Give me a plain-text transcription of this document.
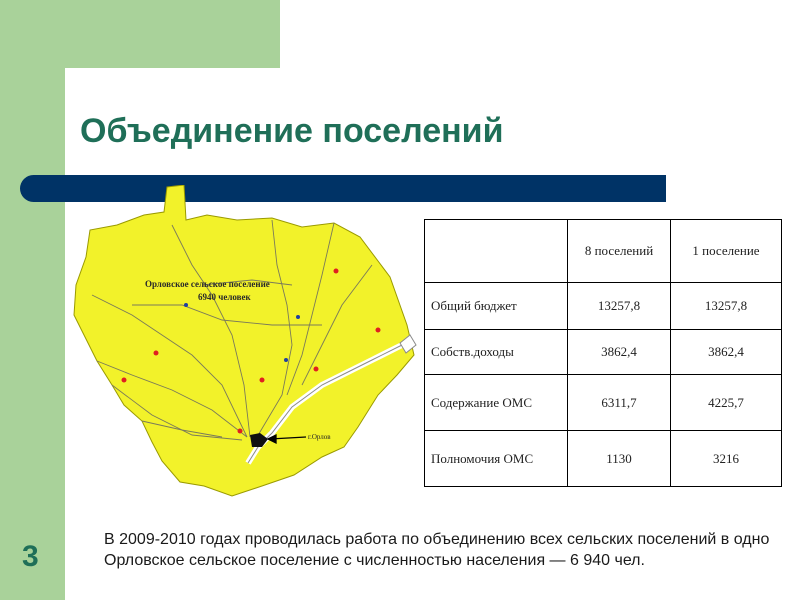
Объединение поселений
г.Орлов
Орловское сельское поселение
6940 человек
	8 поселений	1 поселение
Общий бюджет	13257,8	13257,8
Собств.доходы	3862,4	3862,4
Содержание ОМС	6311,7	4225,7
Полномочия ОМС	1130	3216

В 2009-2010 годах проводилась работа по объединению всех сельских поселений в одно Орловское сельское поселение с численностью населения — 6 940 чел.

3
